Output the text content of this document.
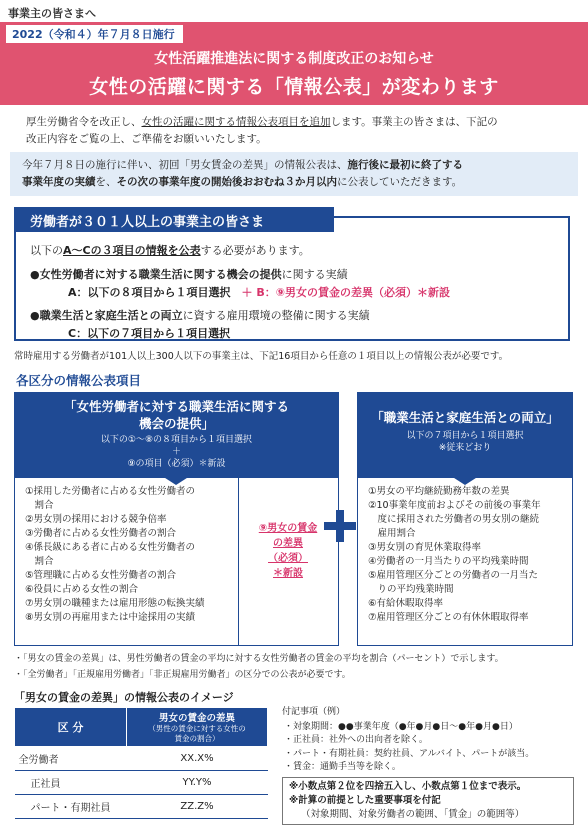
事業主の皆さまへ
2022（令和４）年７月８日施行
女性活躍推進法に関する制度改正のお知らせ
女性の活躍に関する「情報公表」が変わります
厚生労働省令を改正し、女性の活躍に関する情報公表項目を追加します。事業主の皆さまは、下記の
改正内容をご覧の上、ご準備をお願いいたします。
今年７月８日の施行に伴い、初回「男女賃金の差異」の情報公表は、施行後に最初に終了する
事業年度の実績を、その次の事業年度の開始後おおむね３か月以内に公表していただきます。
以下のA～Cの３項目の情報を公表する必要があります。
●女性労働者に対する職業生活に関する機会の提供に関する実績
A：以下の８項目から１項目選択　 ＋ B：⑨男女の賃金の差異（必須）＊新設
●職業生活と家庭生活との両立に資する雇用環境の整備に関する実績
C：以下の７項目から１項目選択
労働者が３０１人以上の事業主の皆さま
常時雇用する労働者が101人以上300人以下の事業主は、下記16項目から任意の１項目以上の情報公表が必要です。
各区分の情報公表項目
「女性労働者に対する職業生活に関する
機会の提供」
以下の①～⑧の８項目から１項目選択
＋
⑨の項目（必須）＊新設
「職業生活と家庭生活との両立」
以下の７項目から１項目選択
※従来どおり
①採用した労働者に占める女性労働者の
　割合
②男女別の採用における競争倍率
③労働者に占める女性労働者の割合
④係長級にある者に占める女性労働者の
　割合
⑤管理職に占める女性労働者の割合
⑥役員に占める女性の割合
⑦男女別の職種または雇用形態の転換実績
⑧男女別の再雇用または中途採用の実績
⑨男女の賃金
の差異
（必須）
＊新設
①男女の平均継続勤務年数の差異
②10事業年度前およびその前後の事業年
　度に採用された労働者の男女別の継続
　雇用割合
③男女別の育児休業取得率
④労働者の一月当たりの平均残業時間
⑤雇用管理区分ごとの労働者の一月当た
　りの平均残業時間
⑥有給休暇取得率
⑦雇用管理区分ごとの有休休暇取得率
・「男女の賃金の差異」は、男性労働者の賃金の平均に対する女性労働者の賃金の平均を割合（パーセント）で示します。
・「全労働者」「正規雇用労働者」「非正規雇用労働者」の区分での公表が必要です。
「男女の賃金の差異」の情報公表のイメージ
区 分	男女の賃金の差異
（男性の賃金に対する女性の
賃金の割合）

全労働者	XX.X%
正社員	YY.Y%
パート・有期社員	ZZ.Z%
付記事項（例）
・対象期間：●●事業年度（●年●月●日～●年●月●日）
・正社員：社外への出向者を除く。
・パート・有期社員：契約社員、アルバイト、パートが該当。
・賃金：通勤手当等を除く。
※小数点第２位を四捨五入し、小数点第１位まで表示。
※計算の前提とした重要事項を付記
（対象期間、対象労働者の範囲、「賃金」の範囲等）
